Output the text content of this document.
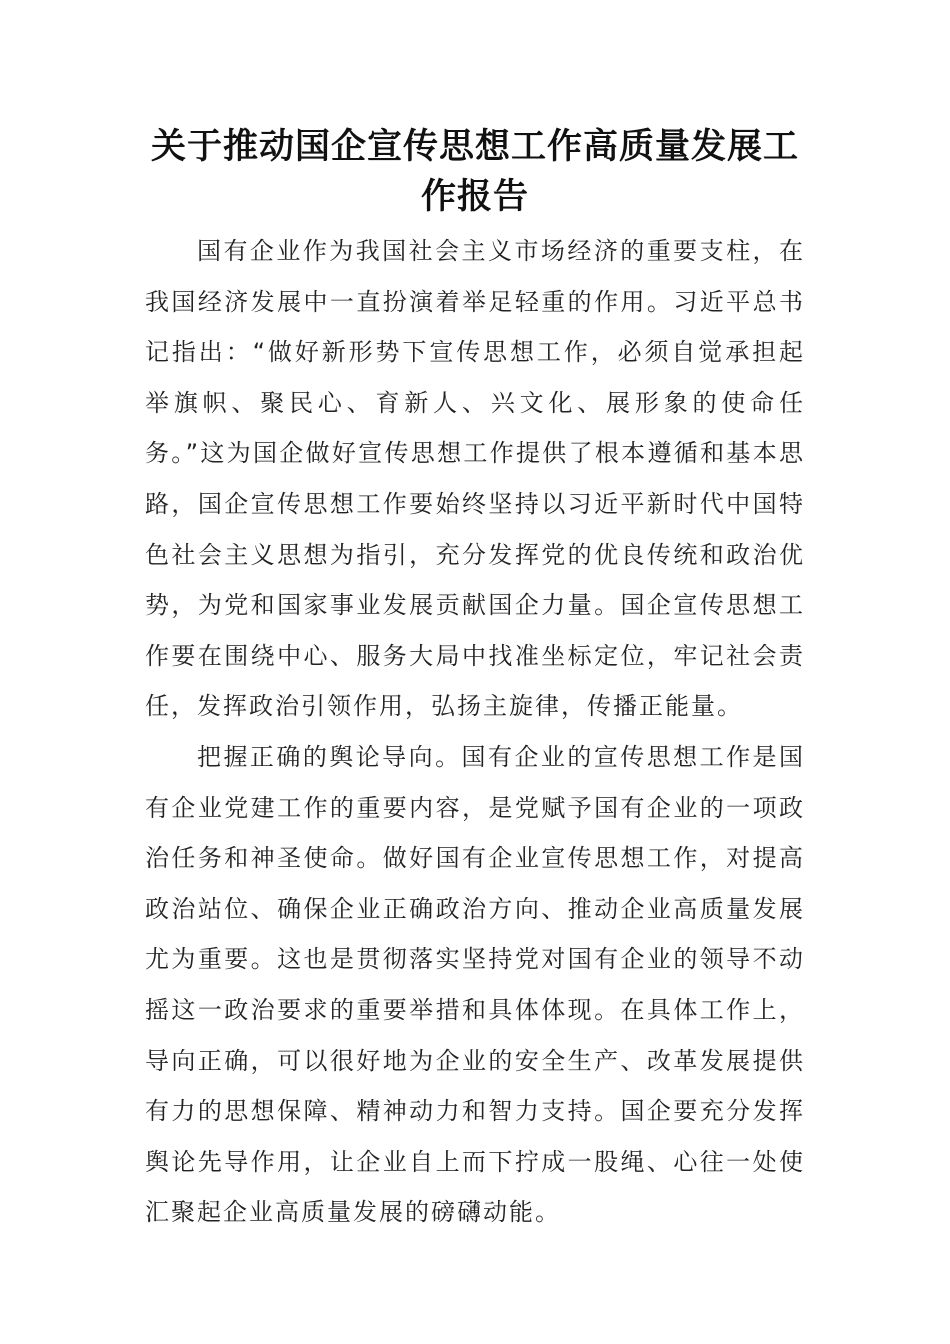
关于推动国企宣传思想工作高质量发展工作报告

国有企业作为我国社会主义市场经济的重要支柱，在我国经济发展中一直扮演着举足轻重的作用。习近平总书记指出：“做好新形势下宣传思想工作，必须自觉承担起举旗帜、聚民心、育新人、兴文化、展形象的使命任务。”这为国企做好宣传思想工作提供了根本遵循和基本思路，国企宣传思想工作要始终坚持以习近平新时代中国特色社会主义思想为指引，充分发挥党的优良传统和政治优势，为党和国家事业发展贡献国企力量。国企宣传思想工作要在围绕中心、服务大局中找准坐标定位，牢记社会责任，发挥政治引领作用，弘扬主旋律，传播正能量。

把握正确的舆论导向。国有企业的宣传思想工作是国有企业党建工作的重要内容，是党赋予国有企业的一项政治任务和神圣使命。做好国有企业宣传思想工作，对提高政治站位、确保企业正确政治方向、推动企业高质量发展尤为重要。这也是贯彻落实坚持党对国有企业的领导不动摇这一政治要求的重要举措和具体体现。在具体工作上，导向正确，可以很好地为企业的安全生产、改革发展提供有力的思想保障、精神动力和智力支持。国企要充分发挥舆论先导作用，让企业自上而下拧成一股绳、心往一处使汇聚起企业高质量发展的磅礴动能。
